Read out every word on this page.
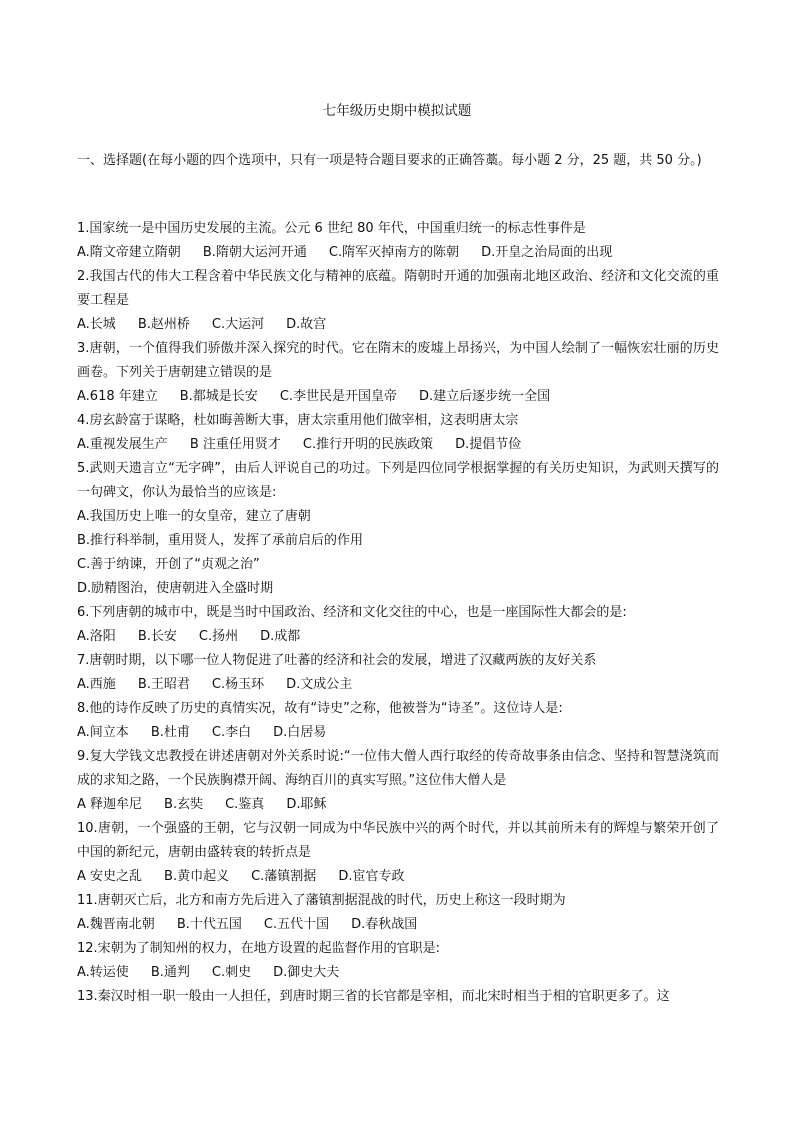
七年级历史期中模拟试题
一、选择题(在每小题的四个选项中，只有一项是特合题目要求的正确答藁。每小题 2 分，25 题，共 50 分。)

1.国家统一是中国历史发展的主流。公元 6 世纪 80 年代，中国重归统一的标志性事件是

A.隋文帝建立隋朝 B.隋朝大运河开通 C.隋军灭掉南方的陈朝 D.开皇之治局面的出现

2.我国古代的伟大工程含着中华民族文化与精神的底蕴。隋朝时开通的加强南北地区政治、经济和文化交流的重要工程是

A.长城 B.赵州桥 C.大运河 D.故宫

3.唐朝，一个值得我们骄傲并深入探究的时代。它在隋末的废墟上昂扬兴，为中国人绘制了一幅恢宏壮丽的历史画卷。下列关于唐朝建立错误的是

A.618 年建立 B.都城是长安 C.李世民是开国皇帝 D.建立后逐步统一全国

4.房玄龄富于谋略，杜如晦善断大事，唐太宗重用他们做宰相，这表明唐太宗

A.重视发展生产 B 注重任用贤才 C.推行开明的民族政策 D.提倡节俭

5.武则天遗言立“无字碑”，由后人评说自己的功过。下列是四位同学根据掌握的有关历史知识，为武则天撰写的一句碑文，你认为最恰当的应该是:

A.我国历史上唯一的女皇帝，建立了唐朝

B.推行科举制，重用贤人，发挥了承前启后的作用

C.善于纳谏，开创了“贞观之治”

D.励精图治，使唐朝进入全盛时期

6.下列唐朝的城市中，既是当时中国政治、经济和文化交往的中心，也是一座国际性大都会的是:

A.洛阳 B.长安 C.扬州 D.成都

7.唐朝时期，以下哪一位人物促进了吐蕃的经济和社会的发展，增进了汉藏两族的友好关系

A.西施 B.王昭君 C.杨玉环 D.文成公主

8.他的诗作反映了历史的真情实况，故有“诗史”之称，他被誉为“诗圣”。这位诗人是:

A.间立本 B.杜甫 C.李白 D.白居易

9.复大学钱文忠教授在讲述唐朝对外关系时说:“一位伟大僧人西行取经的传奇故事条由信念、坚持和智慧浇筑而成的求知之路，一个民族胸襟开阔、海纳百川的真实写照。”这位伟大僧人是

A 释迦牟尼 B.玄奘 C.鉴真 D.耶稣

10.唐朝，一个强盛的王朝，它与汉朝一同成为中华民族中兴的两个时代，并以其前所未有的辉煌与繁荣开创了中国的新纪元，唐朝由盛转衰的转折点是

A 安史之乱 B.黄巾起义 C.藩镇割据 D.宦官专政

11.唐朝灭亡后，北方和南方先后进入了藩镇割据混战的时代，历史上称这一段时期为

A.魏晋南北朝 B.十代五国 C.五代十国 D.春秋战国

12.宋朝为了制知州的权力，在地方设置的起监督作用的官职是:

A.转运使 B.通判 C.刺史 D.御史大夫

13.秦汉时相一职一般由一人担任，到唐时期三省的长官都是宰相，而北宋时相当于相的官职更多了。这
